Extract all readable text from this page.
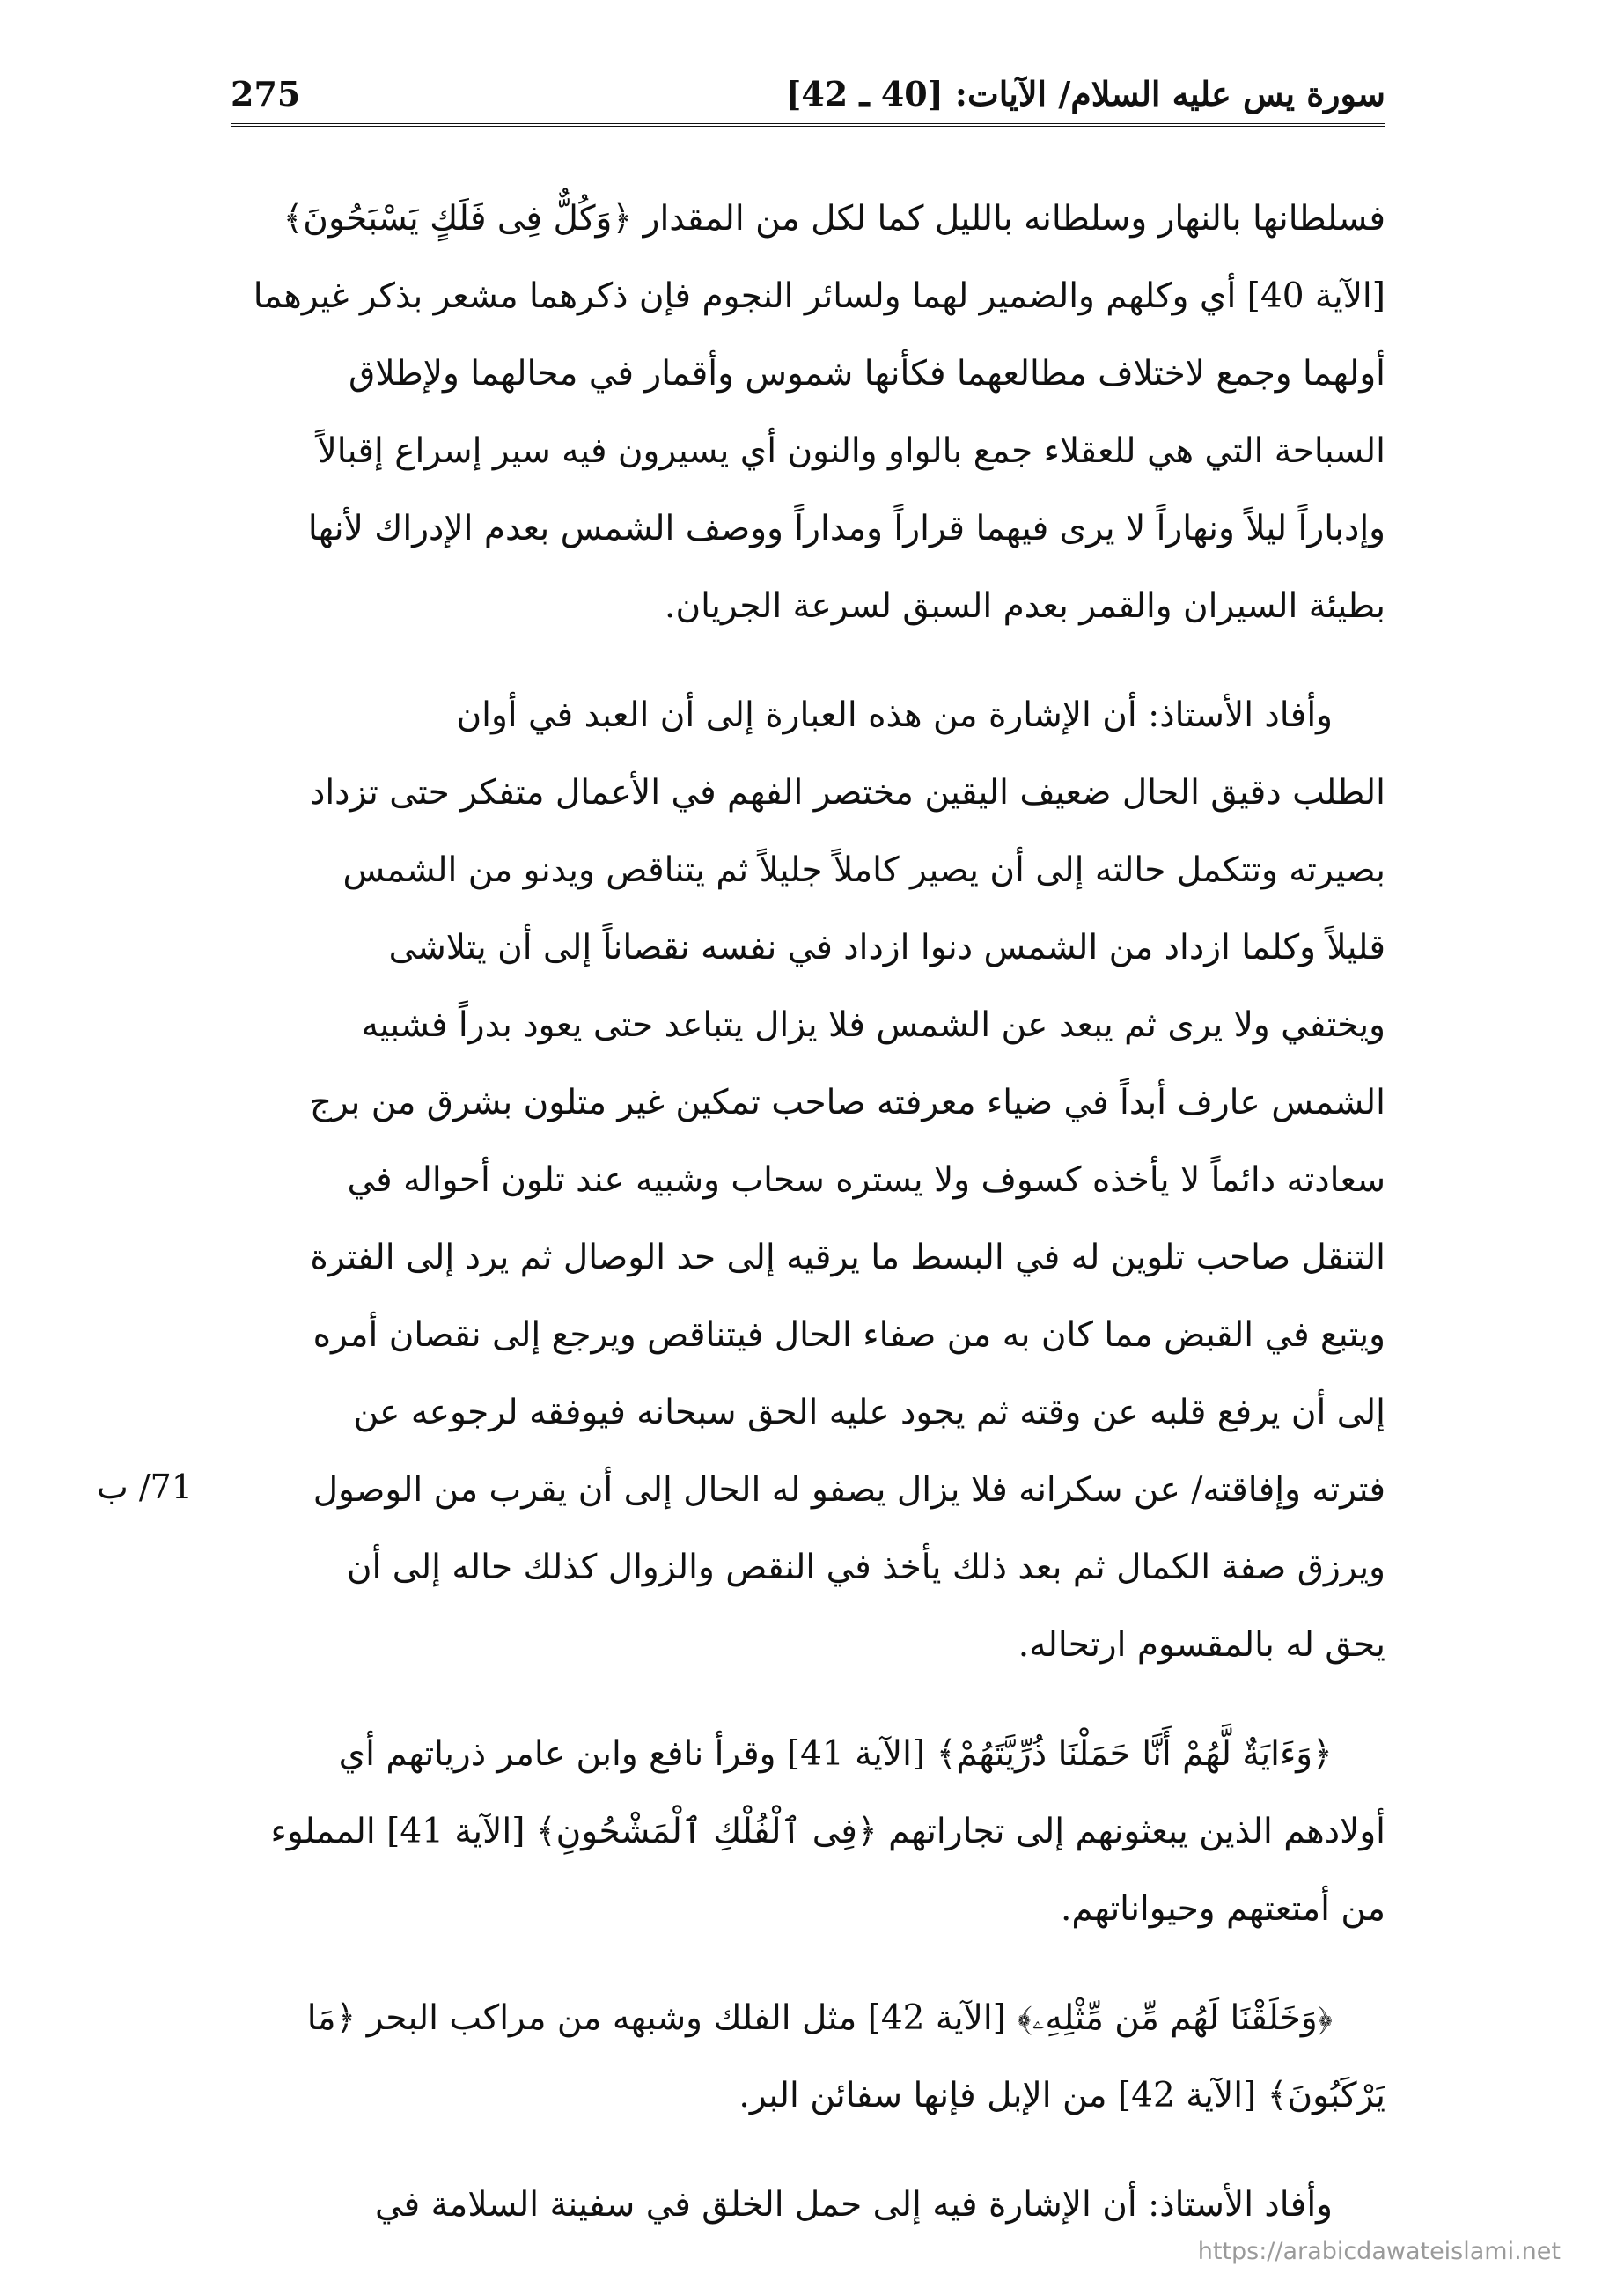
275	سورة يس عليه السلام/ الآيات: [40 ـ 42]
فسلطانها بالنهار وسلطانه بالليل كما لكل من المقدار ﴿وَكُلٌّ فِى فَلَكٍ يَسْبَحُونَ﴾
[الآية 40] أي وكلهم والضمير لهما ولسائر النجوم فإن ذكرهما مشعر بذكر غيرهما
أولهما وجمع لاختلاف مطالعهما فكأنها شموس وأقمار في محالهما ولإطلاق
السباحة التي هي للعقلاء جمع بالواو والنون أي يسيرون فيه سير إسراع إقبالاً
وإدباراً ليلاً ونهاراً لا يرى فيهما قراراً ومداراً ووصف الشمس بعدم الإدراك لأنها
بطيئة السيران والقمر بعدم السبق لسرعة الجريان.
وأفاد الأستاذ: أن الإشارة من هذه العبارة إلى أن العبد في أوان
الطلب دقيق الحال ضعيف اليقين مختصر الفهم في الأعمال متفكر حتى تزداد
بصيرته وتتكمل حالته إلى أن يصير كاملاً جليلاً ثم يتناقص ويدنو من الشمس
قليلاً وكلما ازداد من الشمس دنوا ازداد في نفسه نقصاناً إلى أن يتلاشى
ويختفي ولا يرى ثم يبعد عن الشمس فلا يزال يتباعد حتى يعود بدراً فشبيه
الشمس عارف أبداً في ضياء معرفته صاحب تمكين غير متلون بشرق من برج
سعادته دائماً لا يأخذه كسوف ولا يستره سحاب وشبيه عند تلون أحواله في
التنقل صاحب تلوين له في البسط ما يرقيه إلى حد الوصال ثم يرد إلى الفترة
ويتبع في القبض مما كان به من صفاء الحال فيتناقص ويرجع إلى نقصان أمره
إلى أن يرفع قلبه عن وقته ثم يجود عليه الحق سبحانه فيوفقه لرجوعه عن
فترته وإفاقته/ عن سكرانه فلا يزال يصفو له الحال إلى أن يقرب من الوصول
ويرزق صفة الكمال ثم بعد ذلك يأخذ في النقص والزوال كذلك حاله إلى أن
يحق له بالمقسوم ارتحاله.
﴿وَءَايَةٌ لَّهُمْ أَنَّا حَمَلْنَا ذُرِّيَّتَهُمْ﴾ [الآية 41] وقرأ نافع وابن عامر ذرياتهم أي
أولادهم الذين يبعثونهم إلى تجاراتهم ﴿فِى ٱلْفُلْكِ ٱلْمَشْحُونِ﴾ [الآية 41] المملوء
من أمتعتهم وحيواناتهم.
﴿وَخَلَقْنَا لَهُم مِّن مِّثْلِهِۦ﴾ [الآية 42] مثل الفلك وشبهه من مراكب البحر ﴿مَا
يَرْكَبُونَ﴾ [الآية 42] من الإبل فإنها سفائن البر.
وأفاد الأستاذ: أن الإشارة فيه إلى حمل الخلق في سفينة السلامة في
71/ ب
https://arabicdawateislami.net
